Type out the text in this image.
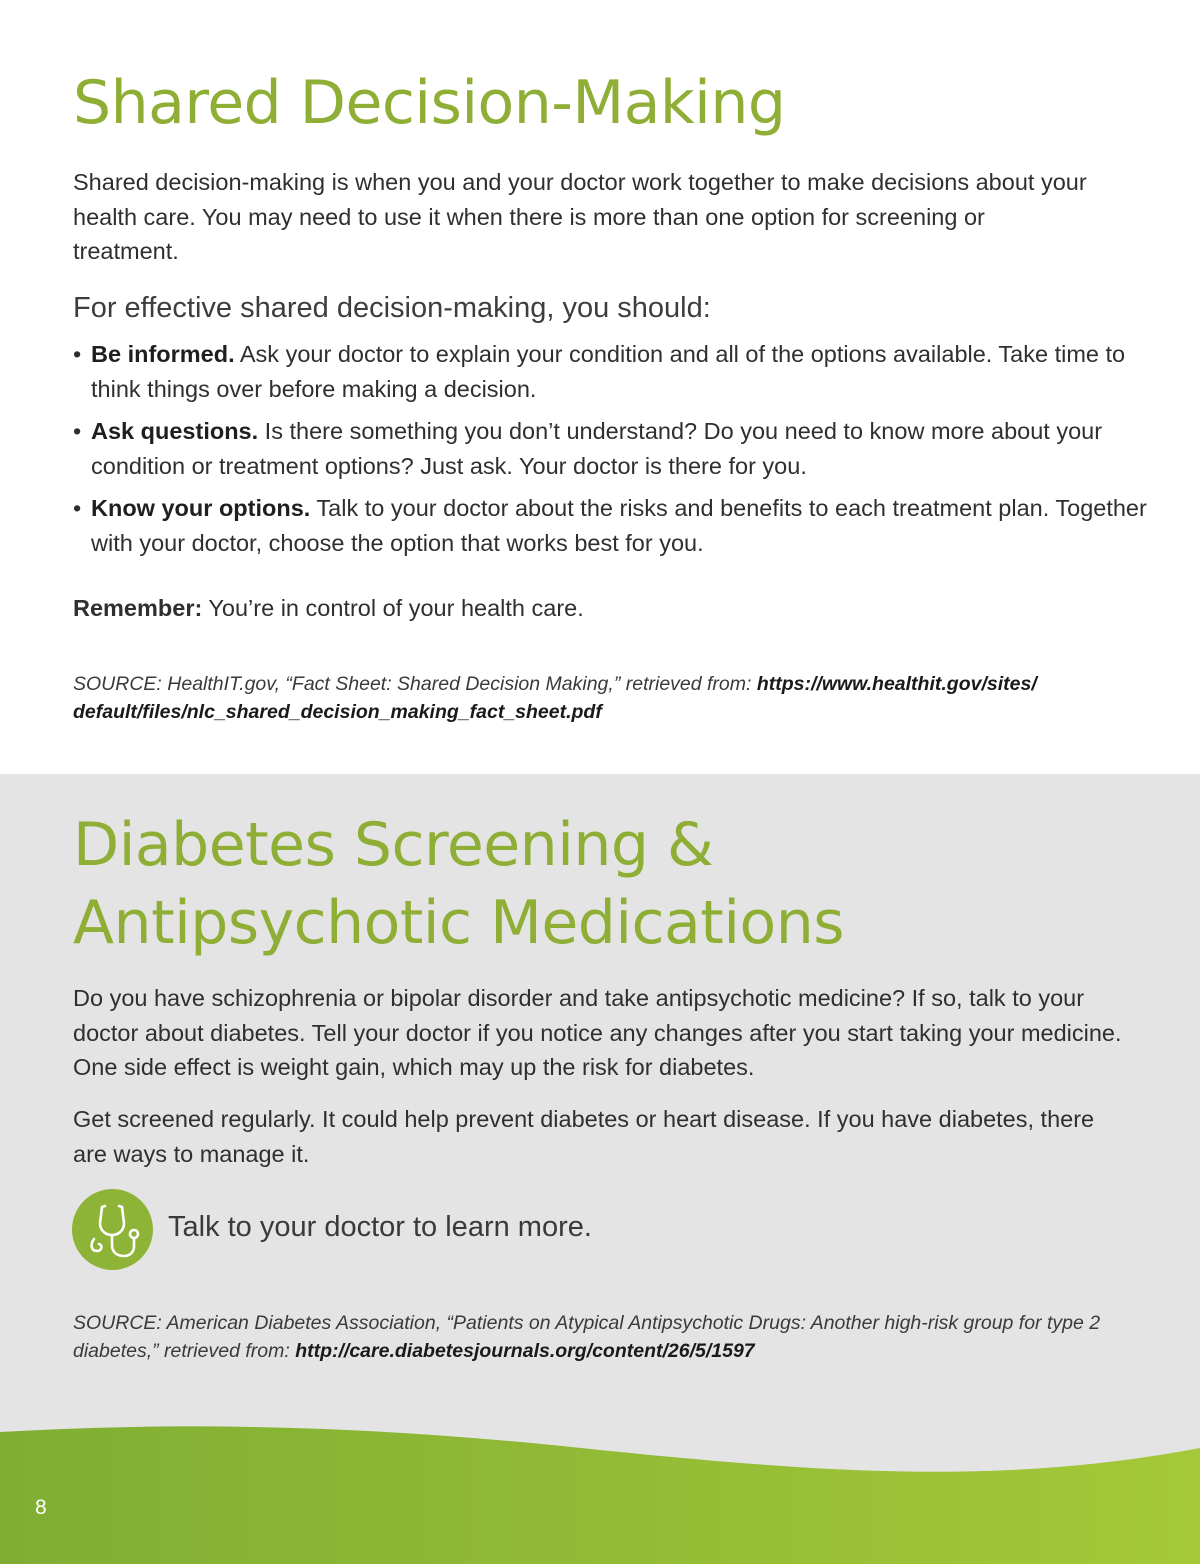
Shared Decision-Making

Shared decision-making is when you and your doctor work together to make decisions about your health care. You may need to use it when there is more than one option for screening or treatment.

For effective shared decision-making, you should:
• Be informed. Ask your doctor to explain your condition and all of the options available. Take time to think things over before making a decision.
• Ask questions. Is there something you don’t understand? Do you need to know more about your condition or treatment options? Just ask. Your doctor is there for you.
• Know your options. Talk to your doctor about the risks and benefits to each treatment plan. Together with your doctor, choose the option that works best for you.

Remember: You’re in control of your health care.

SOURCE: HealthIT.gov, “Fact Sheet: Shared Decision Making,” retrieved from: https://www.healthit.gov/sites/ default/files/nlc_shared_decision_making_fact_sheet.pdf

Diabetes Screening &
Antipsychotic Medications

Do you have schizophrenia or bipolar disorder and take antipsychotic medicine? If so, talk to your doctor about diabetes. Tell your doctor if you notice any changes after you start taking your medicine. One side effect is weight gain, which may up the risk for diabetes.

Get screened regularly. It could help prevent diabetes or heart disease. If you have diabetes, there are ways to manage it.

Talk to your doctor to learn more.

SOURCE: American Diabetes Association, “Patients on Atypical Antipsychotic Drugs: Another high-risk group for type 2 diabetes,” retrieved from: http://care.diabetesjournals.org/content/26/5/1597

8
